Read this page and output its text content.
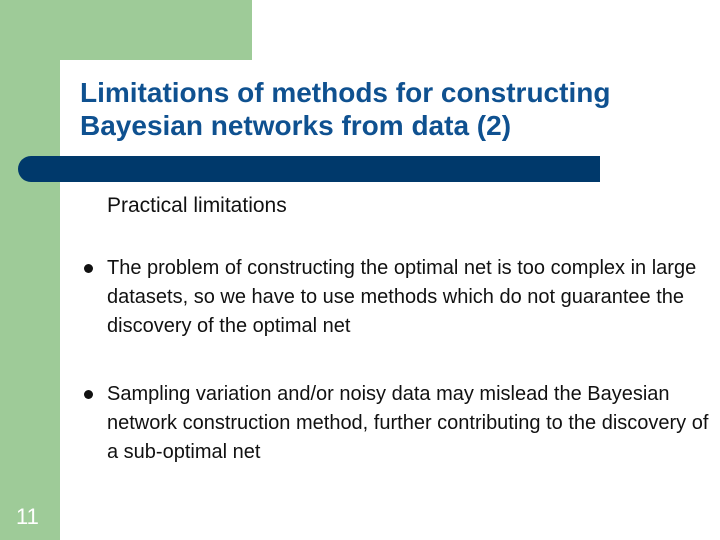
Limitations of methods for constructing Bayesian networks from data (2)
Practical limitations
The problem of constructing the optimal net is too complex in large datasets, so we have to use methods which do not guarantee the discovery of the optimal net
Sampling variation and/or noisy data may mislead the Bayesian network construction method, further contributing to the discovery of a sub-optimal net
11
